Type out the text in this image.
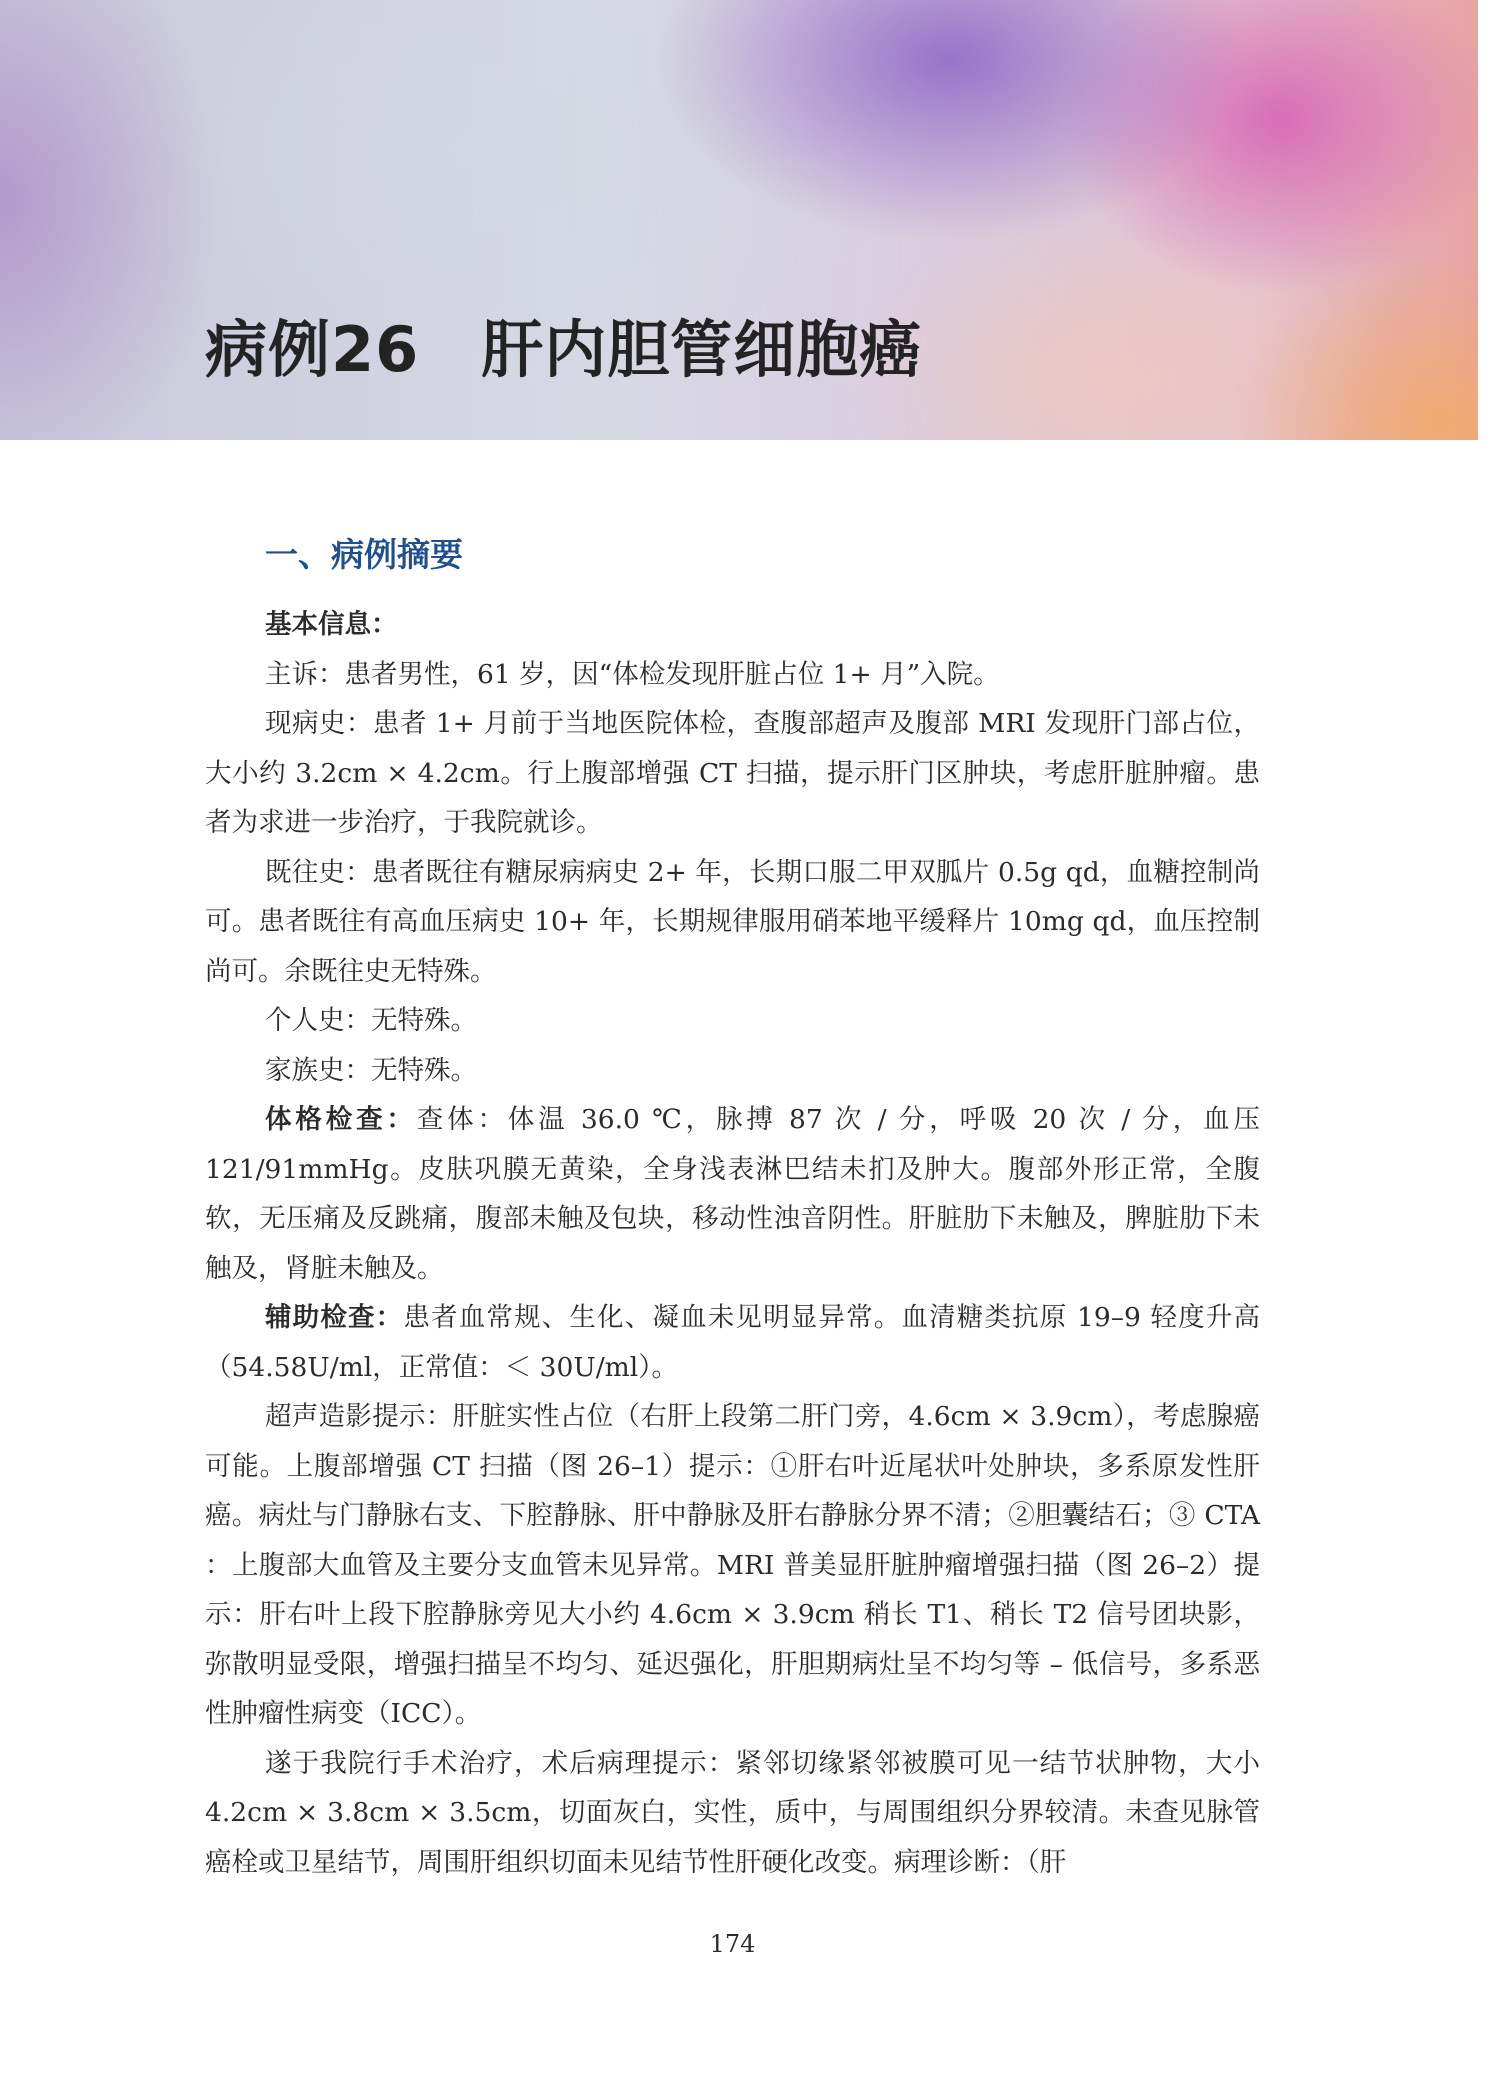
病例26 肝内胆管细胞癌
一、病例摘要

基本信息：

主诉：患者男性，61 岁，因“体检发现肝脏占位 1+ 月”入院。

现病史：患者 1+ 月前于当地医院体检，查腹部超声及腹部 MRI 发现肝门部占位，大小约 3.2cm × 4.2cm。行上腹部增强 CT 扫描，提示肝门区肿块，考虑肝脏肿瘤。患者为求进一步治疗，于我院就诊。

既往史：患者既往有糖尿病病史 2+ 年，长期口服二甲双胍片 0.5g qd，血糖控制尚可。患者既往有高血压病史 10+ 年，长期规律服用硝苯地平缓释片 10mg qd，血压控制尚可。余既往史无特殊。

个人史：无特殊。

家族史：无特殊。

体格检查：查体：体温 36.0 ℃，脉搏 87 次 / 分，呼吸 20 次 / 分，血压 121/91mmHg。皮肤巩膜无黄染，全身浅表淋巴结未扪及肿大。腹部外形正常，全腹软，无压痛及反跳痛，腹部未触及包块，移动性浊音阴性。肝脏肋下未触及，脾脏肋下未触及，肾脏未触及。

辅助检查：患者血常规、生化、凝血未见明显异常。血清糖类抗原 19–9 轻度升高（54.58U/ml，正常值：＜ 30U/ml）。

超声造影提示：肝脏实性占位（右肝上段第二肝门旁，4.6cm × 3.9cm），考虑腺癌可能。上腹部增强 CT 扫描（图 26–1）提示：①肝右叶近尾状叶处肿块，多系原发性肝癌。病灶与门静脉右支、下腔静脉、肝中静脉及肝右静脉分界不清；②胆囊结石；③ CTA ：上腹部大血管及主要分支血管未见异常。MRI 普美显肝脏肿瘤增强扫描（图 26–2）提示：肝右叶上段下腔静脉旁见大小约 4.6cm × 3.9cm 稍长 T1、稍长 T2 信号团块影，弥散明显受限，增强扫描呈不均匀、延迟强化，肝胆期病灶呈不均匀等 – 低信号，多系恶性肿瘤性病变（ICC）。

遂于我院行手术治疗，术后病理提示：紧邻切缘紧邻被膜可见一结节状肿物，大小 4.2cm × 3.8cm × 3.5cm，切面灰白，实性，质中，与周围组织分界较清。未查见脉管癌栓或卫星结节，周围肝组织切面未见结节性肝硬化改变。病理诊断：（肝

174
